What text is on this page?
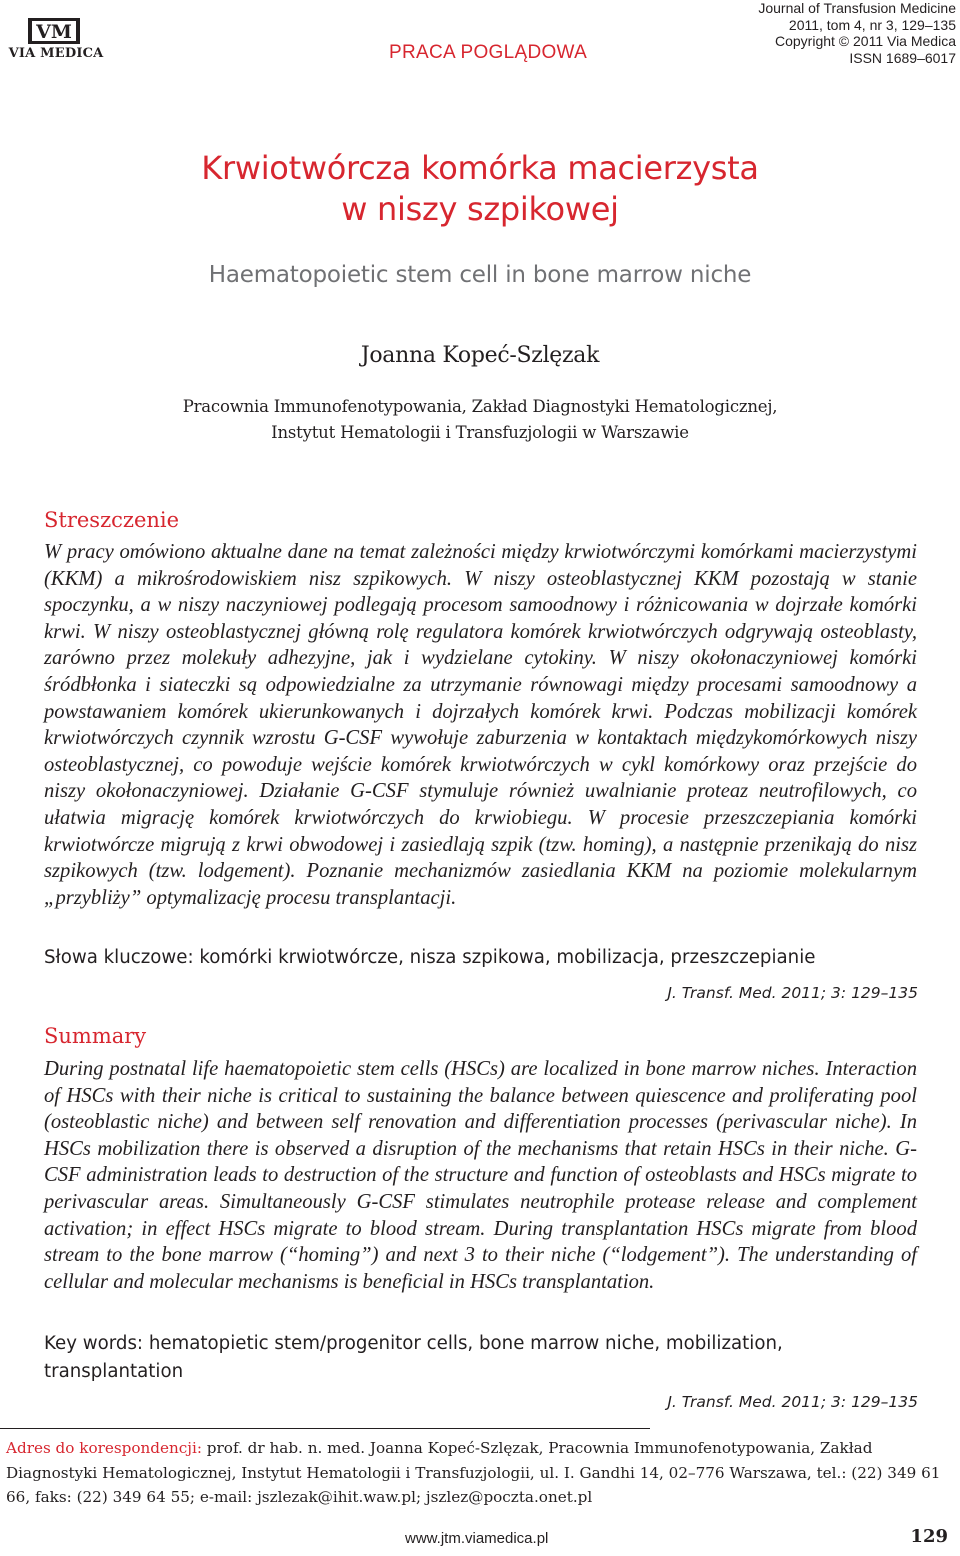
VM
VIA MEDICA	PRACA POGLĄDOWA
Journal of Transfusion Medicine
2011, tom 4, nr 3, 129–135
Copyright © 2011 Via Medica
ISSN 1689–6017
Krwiotwórcza komórka macierzysta
w niszy szpikowej
Haematopoietic stem cell in bone marrow niche
Joanna Kopeć-Szlęzak
Pracownia Immunofenotypowania, Zakład Diagnostyki Hematologicznej,
Instytut Hematologii i Transfuzjologii w Warszawie
Streszczenie
W pracy omówiono aktualne dane na temat zależności między krwiotwórczymi komórkami macierzystymi (KKM) a mikrośrodowiskiem nisz szpikowych. W niszy osteoblastycznej KKM pozostają w stanie spoczynku, a w niszy naczyniowej podlegają procesom samoodnowy i różnicowania w dojrzałe komórki krwi. W niszy osteoblastycznej główną rolę regulatora komórek krwiotwórczych odgrywają osteoblasty, zarówno przez molekuły adhezyjne, jak i wydzielane cytokiny. W niszy okołonaczyniowej komórki śródbłonka i siateczki są odpowiedzialne za utrzymanie równowagi między procesami samoodnowy a powstawaniem komórek ukierunkowanych i dojrzałych komórek krwi. Podczas mobilizacji komórek krwiotwórczych czynnik wzrostu G-CSF wywołuje zaburzenia w kontaktach międzykomórkowych niszy osteoblastycznej, co powoduje wejście komórek krwiotwórczych w cykl komórkowy oraz przejście do niszy okołonaczyniowej. Działanie G-CSF stymuluje również uwalnianie proteaz neutrofilowych, co ułatwia migrację komórek krwiotwórczych do krwiobiegu. W procesie przeszczepiania komórki krwiotwórcze migrują z krwi obwodowej i zasiedlają szpik (tzw. homing), a następnie przenikają do nisz szpikowych (tzw. lodgement). Poznanie mechanizmów zasiedlania KKM na poziomie molekularnym „przybliży” optymalizację procesu transplantacji.
Słowa kluczowe: komórki krwiotwórcze, nisza szpikowa, mobilizacja, przeszczepianie
J. Transf. Med. 2011; 3: 129–135
Summary
During postnatal life haematopoietic stem cells (HSCs) are localized in bone marrow niches. Interaction of HSCs with their niche is critical to sustaining the balance between quiescence and proliferating pool (osteoblastic niche) and between self renovation and differentiation processes (perivascular niche). In HSCs mobilization there is observed a disruption of the mechanisms that retain HSCs in their niche. G-CSF administration leads to destruction of the structure and function of osteoblasts and HSCs migrate to perivascular areas. Simultaneously G-CSF stimulates neutrophile protease release and complement activation; in effect HSCs migrate to blood stream. During transplantation HSCs migrate from blood stream to the bone marrow (“homing”) and next 3 to their niche (“lodgement”). The understanding of cellular and molecular mechanisms is beneficial in HSCs transplantation.
Key words: hematopietic stem/progenitor cells, bone marrow niche, mobilization, transplantation
J. Transf. Med. 2011; 3: 129–135
Adres do korespondencji: prof. dr hab. n. med. Joanna Kopeć-Szlęzak, Pracownia Immunofenotypowania, Zakład Diagnostyki Hematologicznej, Instytut Hematologii i Transfuzjologii, ul. I. Gandhi 14, 02–776 Warszawa, tel.: (22) 349 61 66, faks: (22) 349 64 55; e-mail: jszlezak@ihit.waw.pl; jszlez@poczta.onet.pl
www.jtm.viamedica.pl	129
